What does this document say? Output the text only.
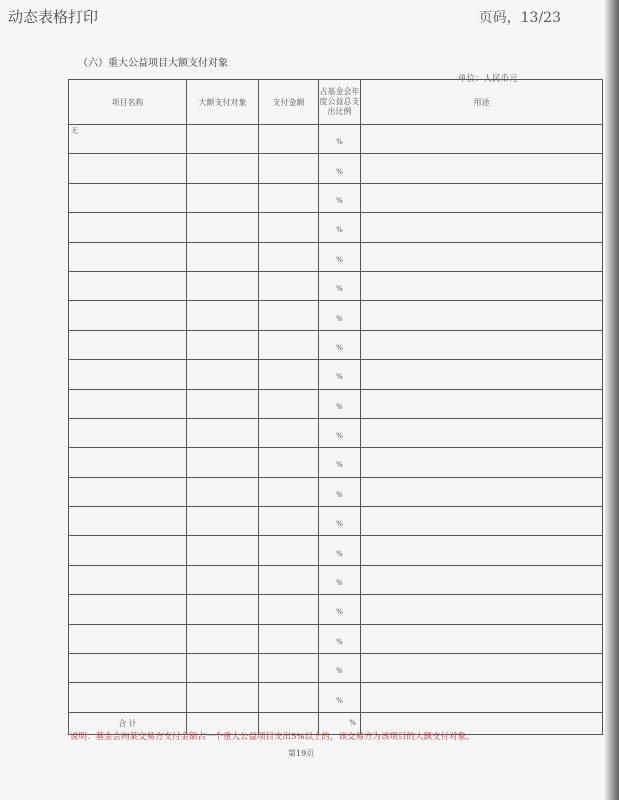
动态表格打印	页码，13/23
（六）重大公益项目大额支付对象
单位：人民币元
项目名称	大额支付对象	支付金额	占基金会年度公益总支出比例	用途
无			%	
			%	
			%	
			%	
			%	
			%	
			%	
			%	
			%	
			%	
			%	
			%	
			%	
			%	
			%	
			%	
			%	
			%	
			%	
			%	
合 计			%	
说明：基金会向某交易方支付金额占一个重大公益项目支出5%以上的，该交易方为该项目的大额支付对象。
第19页
